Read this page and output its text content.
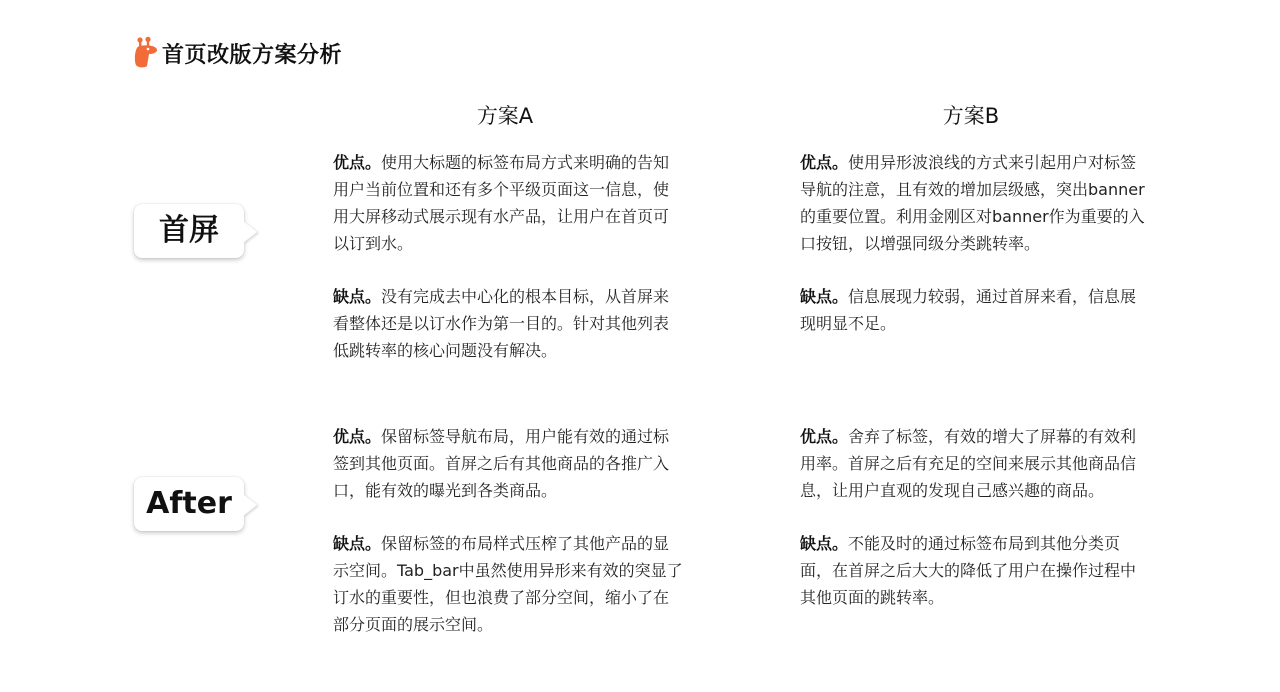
首页改版方案分析
方案A	方案B
首屏
After

优点。使用大标题的标签布局方式来明确的告知用户当前位置和还有多个平级页面这一信息，使用大屏移动式展示现有水产品，让用户在首页可以订到水。

缺点。没有完成去中心化的根本目标，从首屏来看整体还是以订水作为第一目的。针对其他列表低跳转率的核心问题没有解决。

优点。使用异形波浪线的方式来引起用户对标签导航的注意，且有效的增加层级感，突出banner的重要位置。利用金刚区对banner作为重要的入口按钮，以增强同级分类跳转率。

缺点。信息展现力较弱，通过首屏来看，信息展现明显不足。

优点。保留标签导航布局，用户能有效的通过标签到其他页面。首屏之后有其他商品的各推广入口，能有效的曝光到各类商品。

缺点。保留标签的布局样式压榨了其他产品的显示空间。Tab_bar中虽然使用异形来有效的突显了订水的重要性，但也浪费了部分空间，缩小了在部分页面的展示空间。

优点。舍弃了标签，有效的增大了屏幕的有效利用率。首屏之后有充足的空间来展示其他商品信息，让用户直观的发现自己感兴趣的商品。

缺点。不能及时的通过标签布局到其他分类页面，在首屏之后大大的降低了用户在操作过程中其他页面的跳转率。
